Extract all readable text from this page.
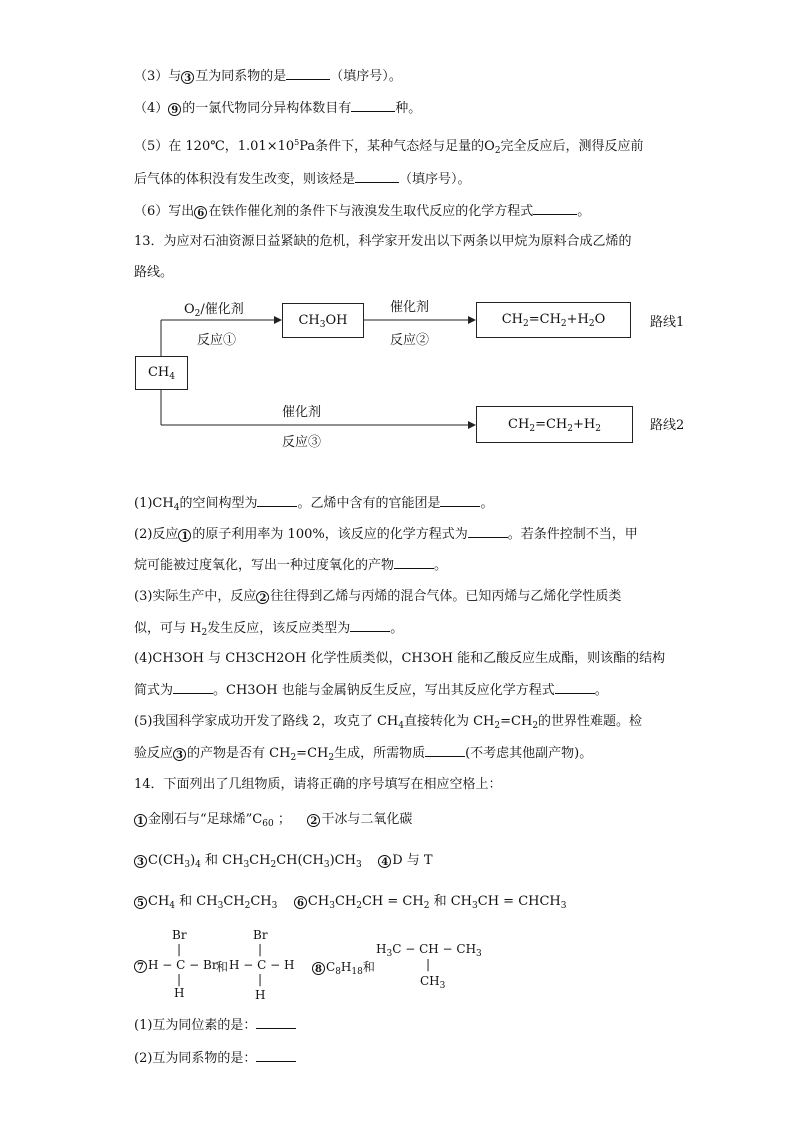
（3）与 3 互为同系物的是	（填序号）。
（4） 9 的一氯代物同分异构体数目有	种。
（5）在 120℃，$1.01\times 10^5Pa$条件下，某种气态烃与足量的$O_2$完全反应后，测得反应前
后气体的体积没有发生改变，则该烃是	（填序号）。
（6）写出 6 在铁作催化剂的条件下与液溴发生取代反应的化学方程式	。
13．为应对石油资源日益紧缺的危机，科学家开发出以下两条以甲烷为原料合成乙烯的
路线。
$CH_4$
$CH_3OH$	$CH_2=CH_2+H_2O$
$CH_2=CH_2+H_2$
$O_2/$催化剂
反应①
催化剂
反应②
催化剂
反应③
路线1
路线2
$(1)CH_4$的空间构型为	。乙烯中含有的官能团是	。
(2)反应 1 的原子利用率为 100%，该反应的化学方程式为	。若条件控制不当，甲
烷可能被过度氧化，写出一种过度氧化的产物	。
(3)实际生产中，反应 2 往往得到乙烯与丙烯的混合气体。已知丙烯与乙烯化学性质类
似，可与 $H_2$发生反应，该反应类型为	。
(4)CH3OH 与 CH3CH2OH 化学性质类似，CH3OH 能和乙酸反应生成酯，则该酯的结构
简式为	。CH3OH 也能与金属钠反生反应，写出其反应化学方程式	。
(5)我国科学家成功开发了路线 2，攻克了 $CH_4$直接转化为 $CH_2=CH_2$的世界性难题。检
验反应 3 的产物是否有 $CH_2=CH_2$生成，所需物质	(不考虑其他副产物)。
14．下面列出了几组物质，请将正确的序号填写在相应空格上：
1 金刚石与“足球烯$”C_{60}$ ； 2 干冰与二氧化碳
3 $C(CH_3)_4$ 和 $CH_3CH_2CH(CH_3)CH_3$ 4 D 与 T
5 $CH_4$ 和 $CH_3CH_2CH_3$ 6 $CH_3CH_2CH = CH_2$ 和 $CH_3CH$ = $CHCH_3$
7
Br
|
H − C − Br
|
H
和
Br
|
H − C − H
|
H
8 $C_8H_{18}$和
$H_3C$ − CH − $CH_3$
|
$CH_3$
(1)互为同位素的是：
(2)互为同系物的是：
